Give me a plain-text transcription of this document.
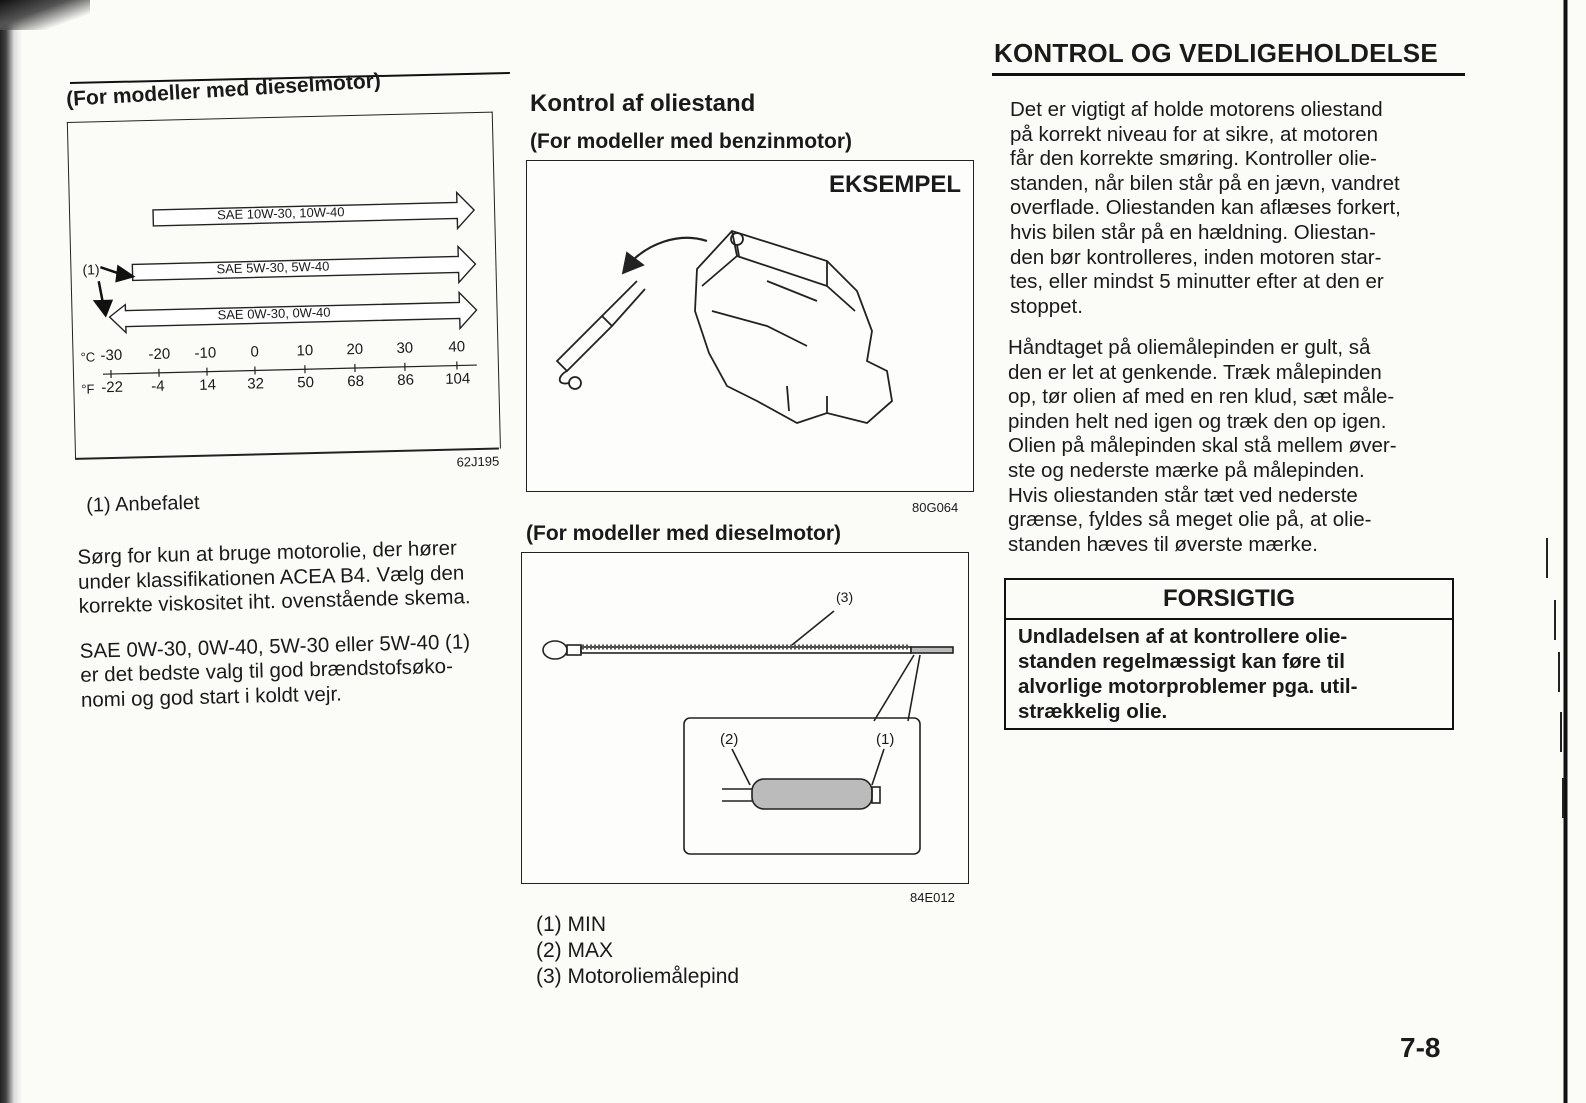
KONTROL OG VEDLIGEHOLDELSE
(For modeller med dieselmotor)
SAE 10W-30, 10W-40
SAE 5W-30, 5W-40
SAE 0W-30, 0W-40
(1)
°C -30 -20 -10 0 10 20 30 40
°F -22 -4 14 32 50 68 86 104
62J195
(1) Anbefalet
Sørg for kun at bruge motorolie, der hører
under klassifikationen ACEA B4. Vælg den
korrekte viskositet iht. ovenstående skema.
SAE 0W-30, 0W-40, 5W-30 eller 5W-40 (1)
er det bedste valg til god brændstofsøko-
nomi og god start i koldt vejr.
Kontrol af oliestand
(For modeller med benzinmotor)
EKSEMPEL
80G064
(For modeller med dieselmotor)
(3)
(2)	(1)
84E012
(1) MIN
(2) MAX
(3) Motoroliemålepind
Det er vigtigt af holde motorens oliestand
på korrekt niveau for at sikre, at motoren
får den korrekte smøring. Kontroller olie-
standen, når bilen står på en jævn, vandret
overflade. Oliestanden kan aflæses forkert,
hvis bilen står på en hældning. Oliestan-
den bør kontrolleres, inden motoren star-
tes, eller mindst 5 minutter efter at den er
stoppet.
Håndtaget på oliemålepinden er gult, så
den er let at genkende. Træk målepinden
op, tør olien af med en ren klud, sæt måle-
pinden helt ned igen og træk den op igen.
Olien på målepinden skal stå mellem øver-
ste og nederste mærke på målepinden.
Hvis oliestanden står tæt ved nederste
grænse, fyldes så meget olie på, at olie-
standen hæves til øverste mærke.
FORSIGTIG
Undladelsen af at kontrollere olie-
standen regelmæssigt kan føre til
alvorlige motorproblemer pga. util-
strækkelig olie.
7-8
